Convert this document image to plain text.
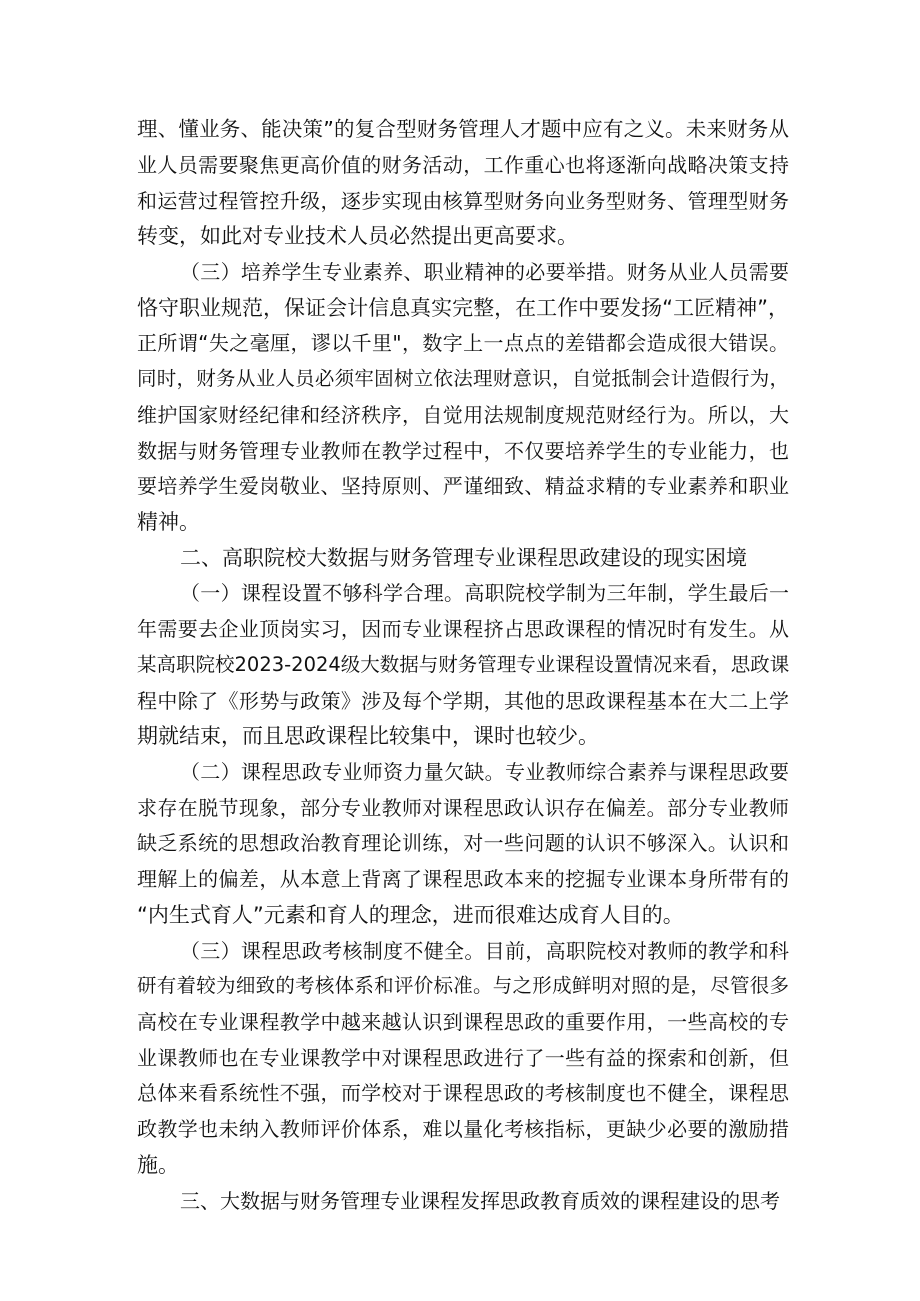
理、懂业务、能决策”的复合型财务管理人才题中应有之义。未来财务从
业人员需要聚焦更高价值的财务活动，工作重心也将逐渐向战略决策支持
和运营过程管控升级，逐步实现由核算型财务向业务型财务、管理型财务
转变，如此对专业技术人员必然提出更高要求。
（三）培养学生专业素养、职业精神的必要举措。财务从业人员需要
恪守职业规范，保证会计信息真实完整，在工作中要发扬“工匠精神”，
正所谓“失之毫厘，谬以千里"，数字上一点点的差错都会造成很大错误。
同时，财务从业人员必须牢固树立依法理财意识，自觉抵制会计造假行为，
维护国家财经纪律和经济秩序，自觉用法规制度规范财经行为。所以，大
数据与财务管理专业教师在教学过程中，不仅要培养学生的专业能力，也
要培养学生爱岗敬业、坚持原则、严谨细致、精益求精的专业素养和职业
精神。
二、高职院校大数据与财务管理专业课程思政建设的现实困境
（一）课程设置不够科学合理。高职院校学制为三年制，学生最后一
年需要去企业顶岗实习，因而专业课程挤占思政课程的情况时有发生。从
某高职院校2023-2024级大数据与财务管理专业课程设置情况来看，思政课
程中除了《形势与政策》涉及每个学期，其他的思政课程基本在大二上学
期就结束，而且思政课程比较集中，课时也较少。
（二）课程思政专业师资力量欠缺。专业教师综合素养与课程思政要
求存在脱节现象，部分专业教师对课程思政认识存在偏差。部分专业教师
缺乏系统的思想政治教育理论训练，对一些问题的认识不够深入。认识和
理解上的偏差，从本意上背离了课程思政本来的挖掘专业课本身所带有的
“内生式育人”元素和育人的理念，进而很难达成育人目的。
（三）课程思政考核制度不健全。目前，高职院校对教师的教学和科
研有着较为细致的考核体系和评价标准。与之形成鲜明对照的是，尽管很多
高校在专业课程教学中越来越认识到课程思政的重要作用，一些高校的专
业课教师也在专业课教学中对课程思政进行了一些有益的探索和创新，但
总体来看系统性不强，而学校对于课程思政的考核制度也不健全，课程思
政教学也未纳入教师评价体系，难以量化考核指标，更缺少必要的激励措
施。
三、大数据与财务管理专业课程发挥思政教育质效的课程建设的思考
